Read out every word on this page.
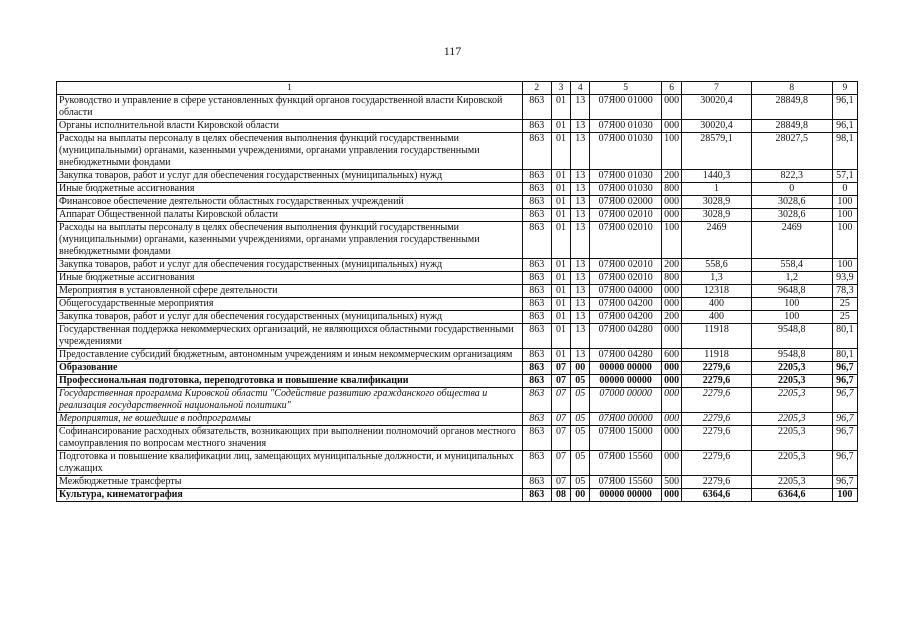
117
1	2	3	4	5	6	7	8	9
Руководство и управление в сфере установленных функций органов государственной власти Кировской области	863	01	13	07Я00 01000	000	30020,4	28849,8	96,1
Органы исполнительной власти Кировской области	863	01	13	07Я00 01030	000	30020,4	28849,8	96,1
Расходы на выплаты персоналу в целях обеспечения выполнения функций государственными (муниципальными) органами, казенными учреждениями, органами управления государственными внебюджетными фондами	863	01	13	07Я00 01030	100	28579,1	28027,5	98,1
Закупка товаров, работ и услуг для обеспечения государственных (муниципальных) нужд	863	01	13	07Я00 01030	200	1440,3	822,3	57,1
Иные бюджетные ассигнования	863	01	13	07Я00 01030	800	1	0	0
Финансовое обеспечение деятельности областных государственных учреждений	863	01	13	07Я00 02000	000	3028,9	3028,6	100
Аппарат Общественной палаты Кировской области	863	01	13	07Я00 02010	000	3028,9	3028,6	100
Расходы на выплаты персоналу в целях обеспечения выполнения функций государственными (муниципальными) органами, казенными учреждениями, органами управления государственными внебюджетными фондами	863	01	13	07Я00 02010	100	2469	2469	100
Закупка товаров, работ и услуг для обеспечения государственных (муниципальных) нужд	863	01	13	07Я00 02010	200	558,6	558,4	100
Иные бюджетные ассигнования	863	01	13	07Я00 02010	800	1,3	1,2	93,9
Мероприятия в установленной сфере деятельности	863	01	13	07Я00 04000	000	12318	9648,8	78,3
Общегосударственные мероприятия	863	01	13	07Я00 04200	000	400	100	25
Закупка товаров, работ и услуг для обеспечения государственных (муниципальных) нужд	863	01	13	07Я00 04200	200	400	100	25
Государственная поддержка некоммерческих организаций, не являющихся областными государственными учреждениями	863	01	13	07Я00 04280	000	11918	9548,8	80,1
Предоставление субсидий бюджетным, автономным учреждениям и иным некоммерческим организациям	863	01	13	07Я00 04280	600	11918	9548,8	80,1
Образование	863	07	00	00000 00000	000	2279,6	2205,3	96,7
Профессиональная подготовка, переподготовка и повышение квалификации	863	07	05	00000 00000	000	2279,6	2205,3	96,7
Государственная программа Кировской области "Содействие развитию гражданского общества и реализация государственной национальной политики"	863	07	05	07000 00000	000	2279,6	2205,3	96,7
Мероприятия, не вошедшие в подпрограммы	863	07	05	07Я00 00000	000	2279,6	2205,3	96,7
Софинансирование расходных обязательств, возникающих при выполнении полномочий органов местного самоуправления по вопросам местного значения	863	07	05	07Я00 15000	000	2279,6	2205,3	96,7
Подготовка и повышение квалификации лиц, замещающих муниципальные должности, и муниципальных служащих	863	07	05	07Я00 15560	000	2279,6	2205,3	96,7
Межбюджетные трансферты	863	07	05	07Я00 15560	500	2279,6	2205,3	96,7
Культура, кинематография	863	08	00	00000 00000	000	6364,6	6364,6	100
